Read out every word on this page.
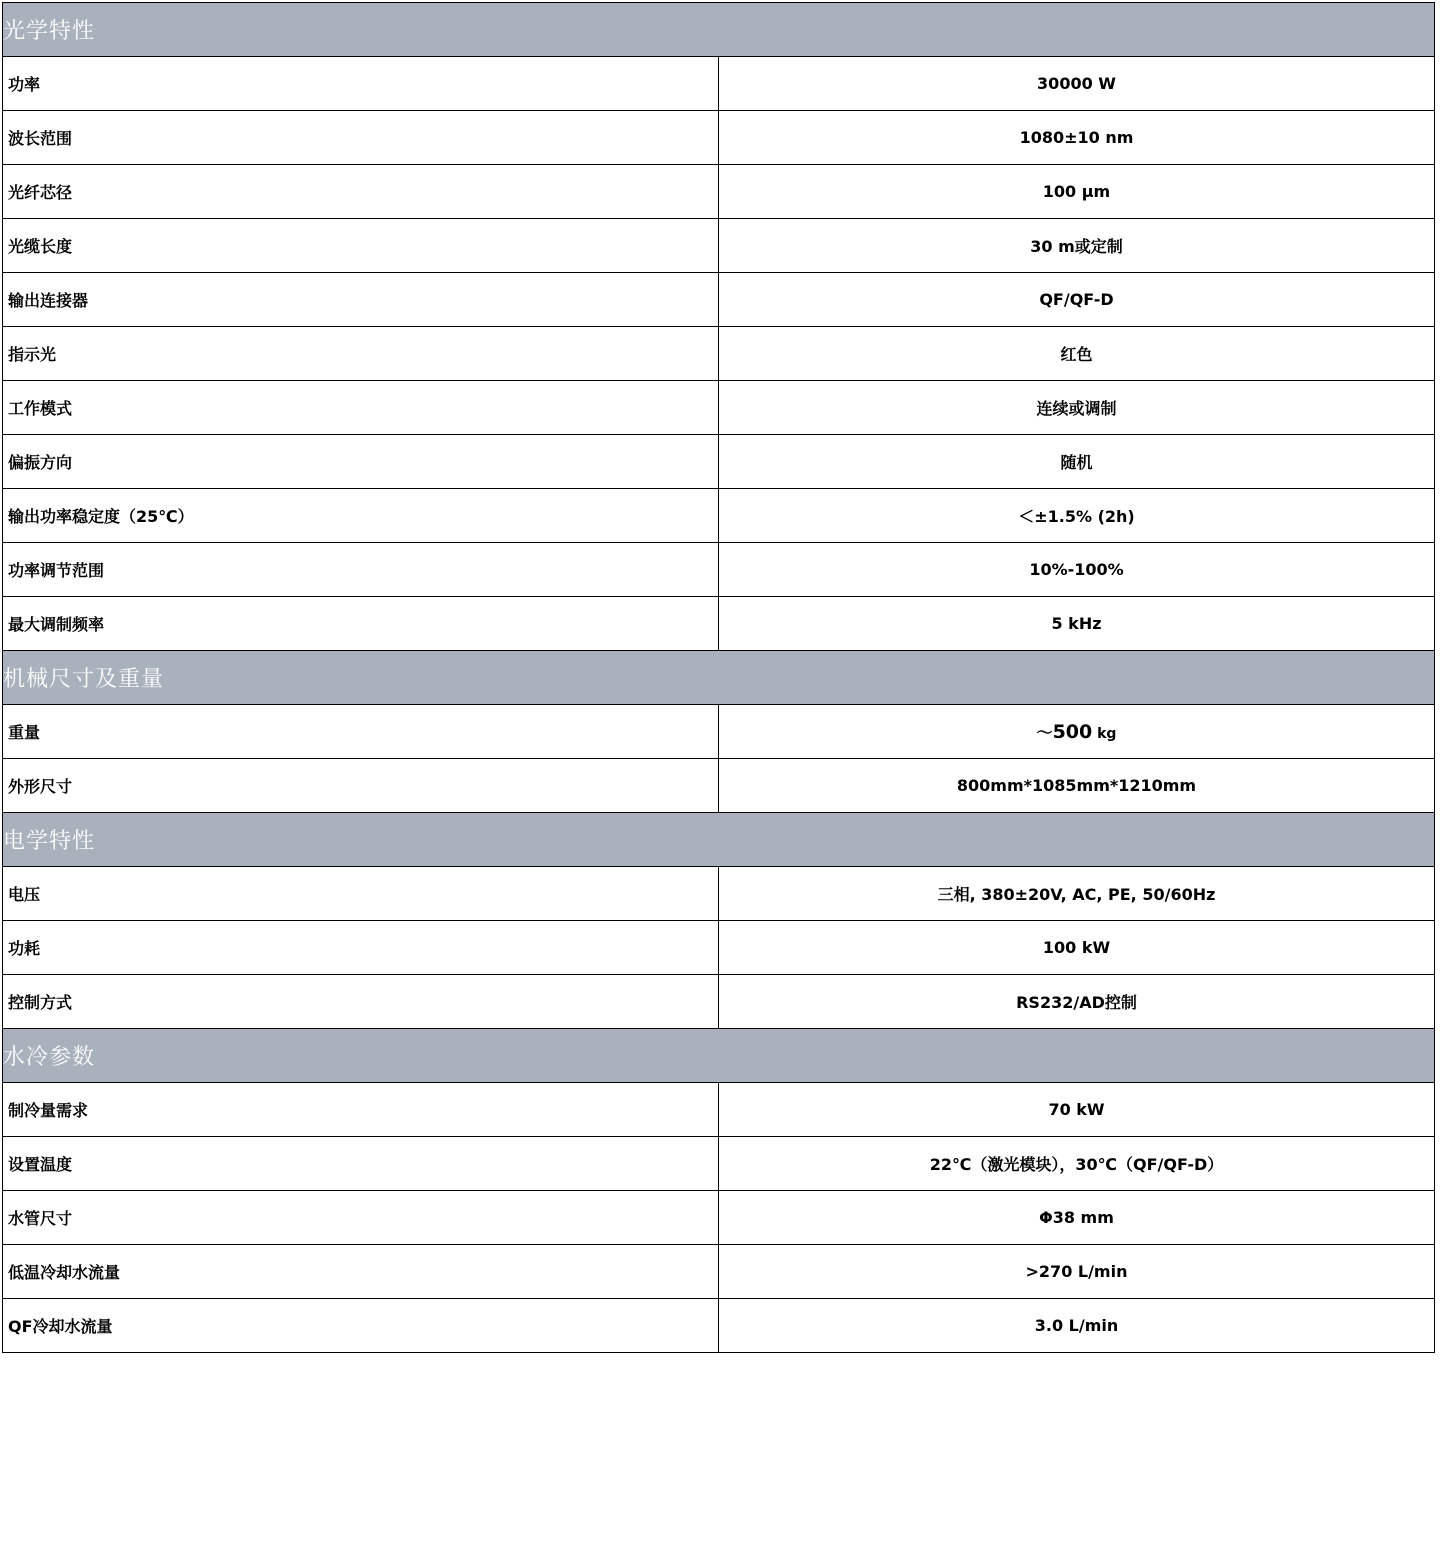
光学特性	
功率	30000 W
波长范围	1080±10 nm
光纤芯径	100 µm
光缆长度	30 m或定制
输出连接器	QF/QF-D
指示光	红色
工作模式	连续或调制
偏振方向	随机
输出功率稳定度（25℃）	＜±1.5% (2h)
功率调节范围	10%-100%
最大调制频率	5 kHz
机械尺寸及重量	
重量	～500 kg
外形尺寸	800mm*1085mm*1210mm
电学特性	
电压	三相, 380±20V, AC, PE, 50/60Hz
功耗	100 kW
控制方式	RS232/AD控制
水冷参数	
制冷量需求	70 kW
设置温度	22℃（激光模块），30℃（QF/QF-D）
水管尺寸	Φ38 mm
低温冷却水流量	>270 L/min
QF冷却水流量	3.0 L/min
